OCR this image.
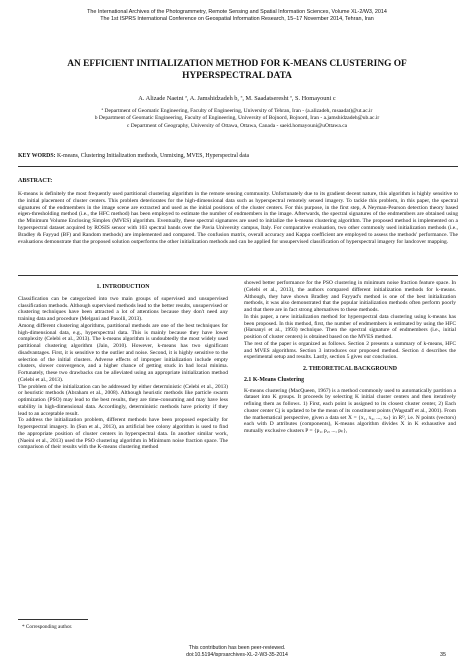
The International Archives of the Photogrammetry, Remote Sensing and Spatial Information Sciences, Volume XL-2/W3, 2014
The 1st ISPRS International Conference on Geospatial Information Research, 15–17 November 2014, Tehran, Iran
AN EFFICIENT INITIALIZATION METHOD FOR K-MEANS CLUSTERING OF HYPERSPECTRAL DATA
A. Alizade Naeini ª, A. Jamshidzadeh b, ª, M. Saadatseresht ª, S. Homayouni c
ª Department of Geomatic Engineering, Faculty of Engineering, University of Tehran, Iran - (a.alizadeh, msaadat)@ut.ac.ir
b Department of Geomatic Engineering, Faculty of Engineering, University of Bojnord, Bojnord, Iran - a.jamshidzadeh@ub.ac.ir
c Department of Geography, University of Ottawa, Ottawa, Canada - saeid.homayouni@uOttawa.ca
KEY WORDS: K-means, Clustering Initialization methods, Unmixing, MVES, Hyperspectral data
ABSTRACT:
K-means is definitely the most frequently used partitional clustering algorithm in the remote sensing community. Unfortunately due to its gradient decent nature, this algorithm is highly sensitive to the initial placement of cluster centers. This problem deteriorates for the high-dimensional data such as hyperspectral remotely sensed imagery. To tackle this problem, in this paper, the spectral signatures of the endmembers in the image scene are extracted and used as the initial positions of the cluster centers. For this purpose, in the first step, A Neyman-Pearson detection theory based eigen-thresholding method (i.e., the HFC method) has been employed to estimate the number of endmembers in the image. Afterwards, the spectral signatures of the endmembers are obtained using the Minimum Volume Enclosing Simplex (MVES) algorithm. Eventually, these spectral signatures are used to initialize the k-means clustering algorithm. The proposed method is implemented on a hyperspectral dataset acquired by ROSIS sensor with 103 spectral bands over the Pavia University campus, Italy. For comparative evaluation, two other commonly used initialization methods (i.e., Bradley & Fayyad (BF) and Random methods) are implemented and compared. The confusion matrix, overall accuracy and Kappa coefficient are employed to assess the methods' performance. The evaluations demonstrate that the proposed solution outperforms the other initialization methods and can be applied for unsupervised classification of hyperspectral imagery for landcover mapping.

1. INTRODUCTION

Classification can be categorized into two main groups of supervised and unsupervised classification methods. Although supervised methods lead to the better results, unsupervised or clustering techniques have been attracted a lot of attentions because they don't need any training data and procedure (Melgani and Pasolli, 2013).

Among different clustering algorithms, partitional methods are one of the best techniques for high-dimensional data, e.g., hyperspectral data. This is mainly because they have lower complexity (Celebi et al., 2013). The k-means algorithm is undoubtedly the most widely used partitional clustering algorithm (Jain, 2010). However, k-means has two significant disadvantages. First, it is sensitive to the outlier and noise. Second, it is highly sensitive to the selection of the initial clusters. Adverse effects of improper initialization include empty clusters, slower convergence, and a higher chance of getting stuck in bad local minima. Fortunately, these two drawbacks can be alleviated using an appropriate initialization method (Celebi et al., 2013).

The problem of the initialization can be addressed by either deterministic (Celebi et al., 2013) or heuristic methods (Abraham et al., 2008). Although heuristic methods like particle swarm optimization (PSO) may lead to the best results, they are time-consuming and may have less stability in high-dimensional data. Accordingly, deterministic methods have priority if they lead to an acceptable result.

To address the initialization problem, different methods have been proposed especially for hyperspectral imagery. In (Sun et al., 2013), an artificial bee colony algorithm is used to find the appropriate position of cluster centers in hyperspectral data. In another similar work, (Naeini et al., 2013) used the PSO clustering algorithm in Minimum noise fraction space. The comparison of their results with the K-means clustering method

showed better performance for the PSO clustering in minimum noise fraction feature space. In (Celebi et al., 2013), the authors compared different initialization methods for k-means. Although, they have shown Bradley and Fayyad's method is one of the best initialization methods, it was also demonstrated that the popular initialization methods often perform poorly and that there are in fact strong alternatives to these methods.

In this paper, a new initialization method for hyperspectral data clustering using k-means has been proposed. In this method, first, the number of endmembers is estimated by using the HFC (Harsanyi et al., 1993) technique. Then the spectral signature of endmembers (i.e., initial position of cluster centers) is obtained based on the MVES method.

The rest of the paper is organized as follows. Section 2 presents a summary of k-means, HFC and MVES algorithms. Section 3 introduces our proposed method. Section 4 describes the experimental setup and results. Lastly, section 5 gives our conclusion.

2. THEORETICAL BACKGROUND

2.1 K-Means Clustering

K-means clustering (MacQueen, 1967) is a method commonly used to automatically partition a dataset into K groups. It proceeds by selecting K initial cluster centers and then iteratively refining them as follows. 1) First, each point is assigned to its closest cluster center, 2) Each cluster center Cj is updated to be the mean of its constituent points (Wagstaff et al., 2001). From the mathematical perspective, given a data set X = {x₁, x₂, ..., xₙ} in Rᴰ, i.e. N points (vectors) each with D attributes (components), K-means algorithm divides X in K exhaustive and mutually exclusive clusters P = {p₁, p₂, ..., pₖ},

* Corresponding author.
This contribution has been peer-reviewed.
doi:10.5194/isprsarchives-XL-2-W3-35-2014	35
